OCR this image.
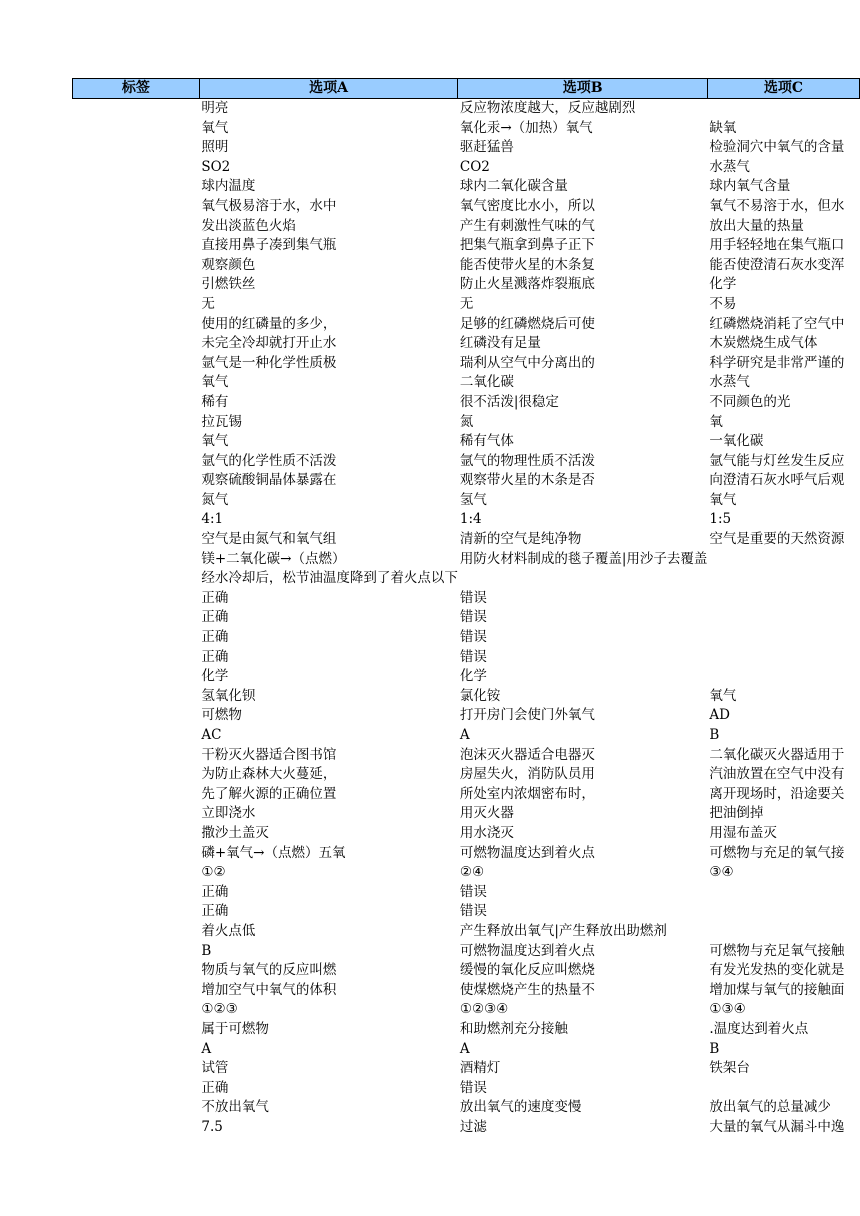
标签	选项A	选项B	选项C
	明亮	反应物浓度越大，反应越剧烈	
	氧气	氧化汞→（加热）氧气	缺氧
	照明	驱赶猛兽	检验洞穴中氧气的含量
	SO2	CO2	水蒸气
	球内温度	球内二氧化碳含量	球内氧气含量
	氧气极易溶于水，水中	氧气密度比水小，所以	氧气不易溶于水，但水
	发出淡蓝色火焰	产生有刺激性气味的气	放出大量的热量
	直接用鼻子凑到集气瓶	把集气瓶拿到鼻子正下	用手轻轻地在集气瓶口
	观察颜色	能否使带火星的木条复	能否使澄清石灰水变浑
	引燃铁丝	防止火星溅落炸裂瓶底	化学
	无	无	不易
	使用的红磷量的多少，	足够的红磷燃烧后可使	红磷燃烧消耗了空气中
	未完全冷却就打开止水	红磷没有足量	木炭燃烧生成气体
	氩气是一种化学性质极	瑞利从空气中分离出的	科学研究是非常严谨的
	氧气	二氧化碳	水蒸气
	稀有	很不活泼|很稳定	不同颜色的光
	拉瓦锡	氮	氧
	氧气	稀有气体	一氧化碳
	氩气的化学性质不活泼	氩气的物理性质不活泼	氩气能与灯丝发生反应
	观察硫酸铜晶体暴露在	观察带火星的木条是否	向澄清石灰水呼气后观
	氮气	氢气	氧气
	4:1	1:4	1:5
	空气是由氮气和氧气组	清新的空气是纯净物	空气是重要的天然资源
	镁+二氧化碳→（点燃）	用防火材料制成的毯子覆盖|用沙子去覆盖	
	经水冷却后，松节油温度降到了着火点以下		
	正确	错误	
	正确	错误	
	正确	错误	
	正确	错误	
	化学	化学	
	氢氧化钡	氯化铵	氧气
	可燃物	打开房门会使门外氧气	AD
	AC	A	B
	干粉灭火器适合图书馆	泡沫灭火器适合电器灭	二氧化碳灭火器适用于
	为防止森林大火蔓延，	房屋失火，消防队员用	汽油放置在空气中没有
	先了解火源的正确位置	所处室内浓烟密布时，	离开现场时，沿途要关
	立即浇水	用灭火器	把油倒掉
	撒沙土盖灭	用水浇灭	用湿布盖灭
	磷+氧气→（点燃）五氧	可燃物温度达到着火点	可燃物与充足的氧气接
	①②	②④	③④
	正确	错误	
	正确	错误	
	着火点低	产生释放出氧气|产生释放出助燃剂	
	B	可燃物温度达到着火点	可燃物与充足氧气接触
	物质与氧气的反应叫燃	缓慢的氧化反应叫燃烧	有发光发热的变化就是
	增加空气中氧气的体积	使煤燃烧产生的热量不	增加煤与氧气的接触面
	①②③	①②③④	①③④
	属于可燃物	和助燃剂充分接触	.温度达到着火点
	A	A	B
	试管	酒精灯	铁架台
	正确	错误	
	不放出氧气	放出氧气的速度变慢	放出氧气的总量减少
	7.5	过滤	大量的氧气从漏斗中逸
